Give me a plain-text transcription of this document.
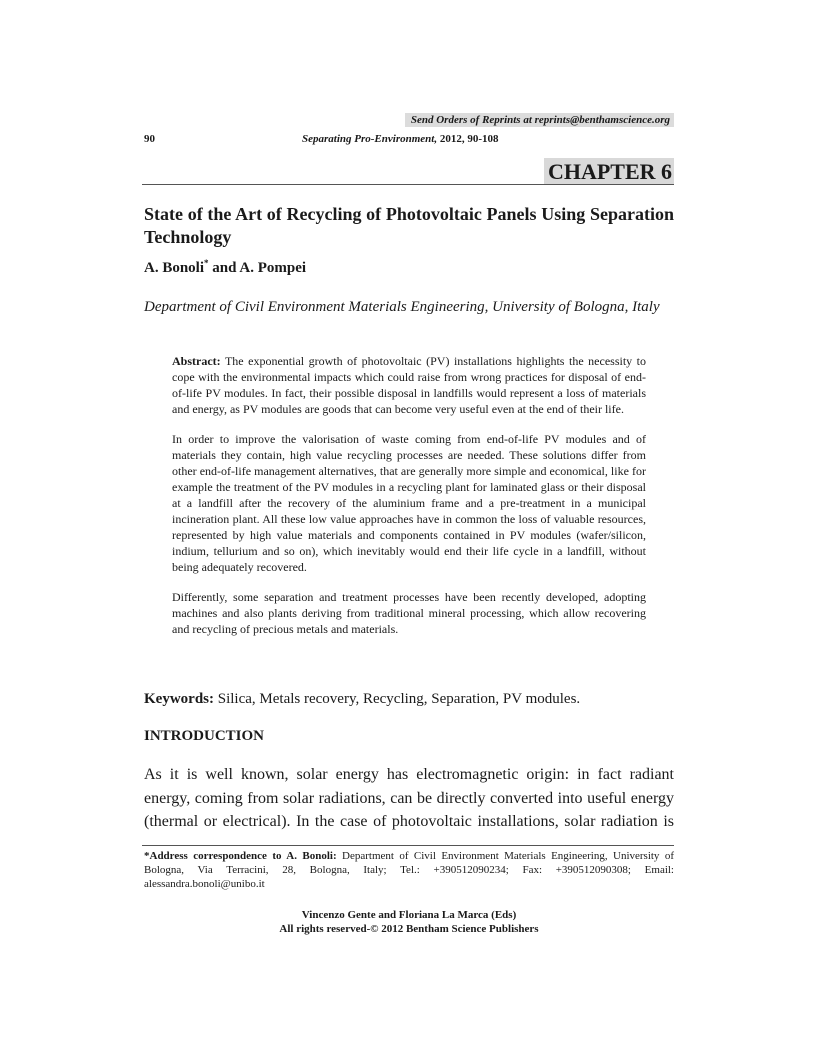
Send Orders of Reprints at reprints@benthamscience.org
90	Separating Pro-Environment, 2012, 90-108
CHAPTER 6
State of the Art of Recycling of Photovoltaic Panels Using Separation Technology
A. Bonoli* and A. Pompei
Department of Civil Environment Materials Engineering, University of Bologna, Italy

Abstract: The exponential growth of photovoltaic (PV) installations highlights the necessity to cope with the environmental impacts which could raise from wrong practices for disposal of end-of-life PV modules. In fact, their possible disposal in landfills would represent a loss of materials and energy, as PV modules are goods that can become very useful even at the end of their life.

In order to improve the valorisation of waste coming from end-of-life PV modules and of materials they contain, high value recycling processes are needed. These solutions differ from other end-of-life management alternatives, that are generally more simple and economical, like for example the treatment of the PV modules in a recycling plant for laminated glass or their disposal at a landfill after the recovery of the aluminium frame and a pre-treatment in a municipal incineration plant. All these low value approaches have in common the loss of valuable resources, represented by high value materials and components contained in PV modules (wafer/silicon, indium, tellurium and so on), which inevitably would end their life cycle in a landfill, without being adequately recovered.

Differently, some separation and treatment processes have been recently developed, adopting machines and also plants deriving from traditional mineral processing, which allow recovering and recycling of precious metals and materials.

Keywords: Silica, Metals recovery, Recycling, Separation, PV modules.
INTRODUCTION
As it is well known, solar energy has electromagnetic origin: in fact radiant energy, coming from solar radiations, can be directly converted into useful energy (thermal or electrical). In the case of photovoltaic installations, solar radiation is
*Address correspondence to A. Bonoli: Department of Civil Environment Materials Engineering, University of Bologna, Via Terracini, 28, Bologna, Italy; Tel.: +390512090234; Fax: +390512090308; Email: alessandra.bonoli@unibo.it
Vincenzo Gente and Floriana La Marca (Eds)
All rights reserved-© 2012 Bentham Science Publishers
